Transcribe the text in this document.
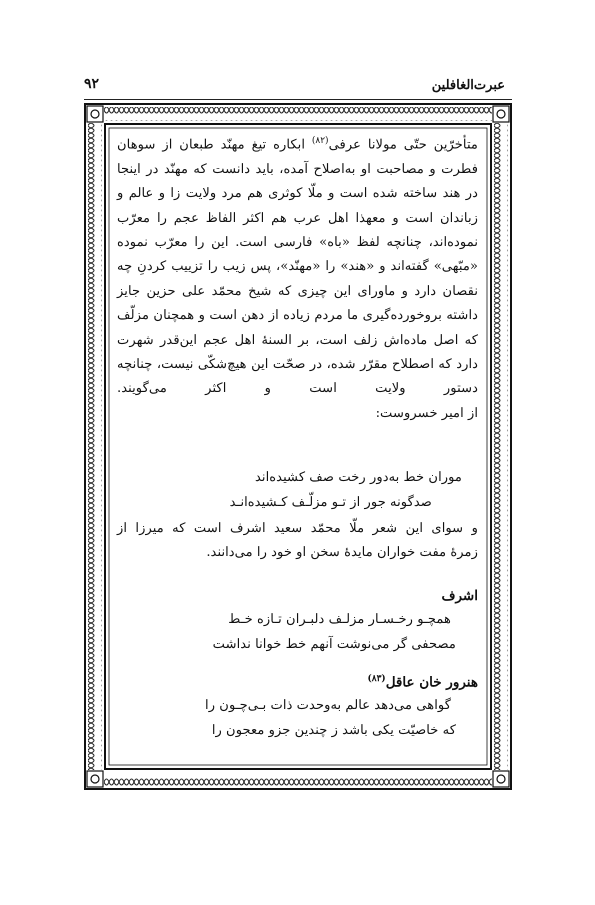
عبرت‌الغافلین
۹۲

متأخرّین حتّی مولانا عرفی$^{(۸۲)}$ ابکاره تیغ مهنّد طبعان از سوهان فطرت و مصاحبت او به‌اصلاح آمده، باید دانست که مهنّد در اینجا در هند ساخته شده است و ملّا کوثری هم مرد ولایت زا و عالم و زباندان است و معهذا اهل عرب هم اکثر الفاظ عجم را معرّب نموده‌اند، چنانچه لفظ «باه» فارسی است. این را معرّب نموده «مبّهی» گفته‌اند و «هند» را «مهنّد»، پس زیب را تزییب کردنِ چه نقصان دارد و ماورای این چیزی که شیخ محمّد علی حزین جایز داشته بروخورده‌گیری ما مردم زیاده از دهن است و همچنان مزلّف که اصل ماده‌اش زلف است، بر السنهٔ اهل عجم این‌قدر شهرت دارد که اصطلاح مقرّر شده، در صحّت این هیچ‌شکّی نیست، چنانچه دستور ولایت است و اکثر می‌گویند.

از امیر خسروست:

موران خط به‌دور رخت صف کشیده‌اند
صدگونه جور از تـو مزلّـف کـشیده‌انـد

و سوای این شعر ملّا محمّد سعید اشرف است که میرزا از

زمرهٔ مفت خواران مایدهٔ سخن او خود را می‌دانند.

اشرف
همچـو رخـسـار مزلـف دلبـران تـازه خـط
مصحفی گر می‌نوشت آنهم خط خوانا نداشت
هنرور خان عاقل$^{(۸۳)}$
گواهی می‌دهد عالم به‌وحدت ذات بـی‌چـون را
که خاصیّت یکی باشد ز چندین جزو معجون را
